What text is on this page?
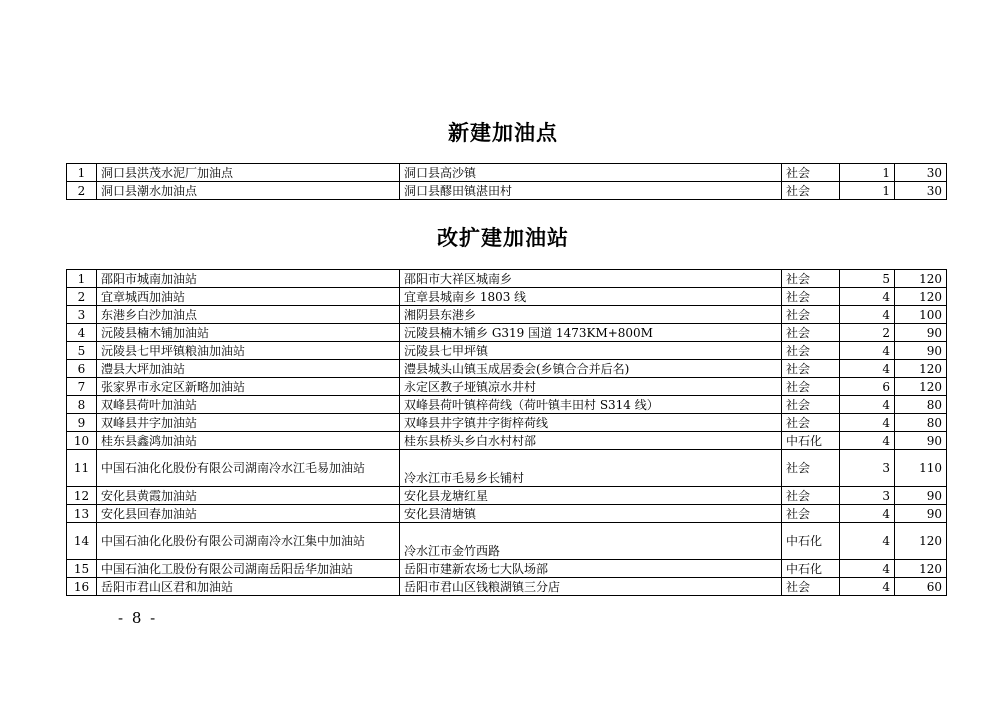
新建加油点
1	洞口县洪茂水泥厂加油点	洞口县高沙镇	社会	1	30
2	洞口县潮水加油点	洞口县醪田镇湛田村	社会	1	30
改扩建加油站
1	邵阳市城南加油站	邵阳市大祥区城南乡	社会	5	120
2	宜章城西加油站	宜章县城南乡 1803 线	社会	4	120
3	东港乡白沙加油点	湘阴县东港乡	社会	4	100
4	沅陵县楠木铺加油站	沅陵县楠木铺乡 G319 国道 1473KM+800M	社会	2	90
5	沅陵县七甲坪镇粮油加油站	沅陵县七甲坪镇	社会	4	90
6	澧县大坪加油站	澧县城头山镇玉成居委会(乡镇合合并后名)	社会	4	120
7	张家界市永定区新略加油站	永定区教子垭镇凉水井村	社会	6	120
8	双峰县荷叶加油站	双峰县荷叶镇梓荷线（荷叶镇丰田村 S314 线）	社会	4	80
9	双峰县井字加油站	双峰县井字镇井字街梓荷线	社会	4	80
10	桂东县鑫鸿加油站	桂东县桥头乡白水村村部	中石化	4	90
11	中国石油化化股份有限公司湖南冷水江毛易加油站	冷水江市毛易乡长铺村	社会	3	110
12	安化县黄霞加油站	安化县龙塘红星	社会	3	90
13	安化县回春加油站	安化县清塘镇	社会	4	90
14	中国石油化化股份有限公司湖南冷水江集中加油站	冷水江市金竹西路	中石化	4	120
15	中国石油化工股份有限公司湖南岳阳岳华加油站	岳阳市建新农场七大队场部	中石化	4	120
16	岳阳市君山区君和加油站	岳阳市君山区钱粮湖镇三分店	社会	4	60
- 8 -
